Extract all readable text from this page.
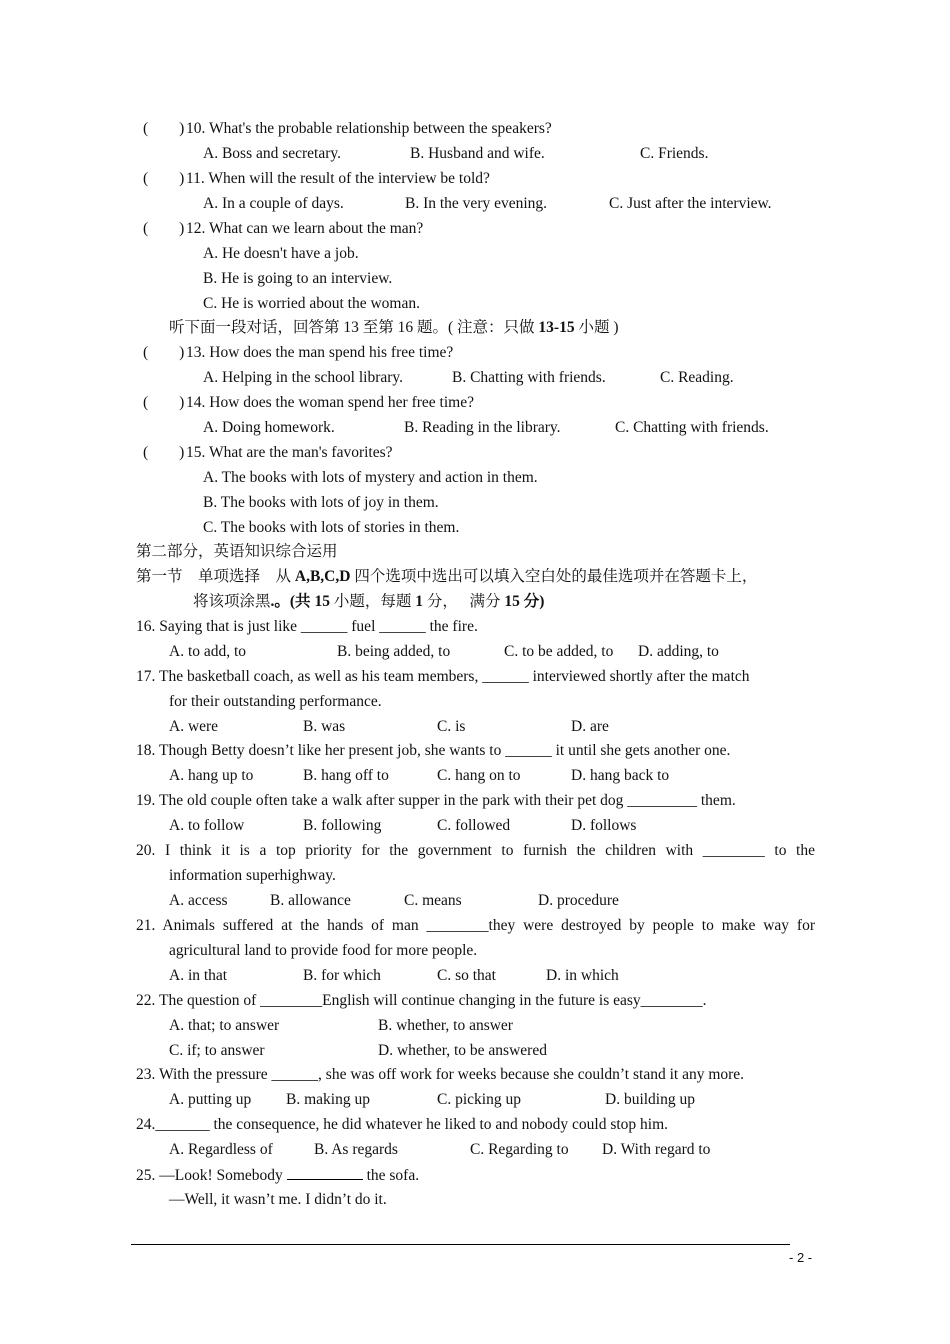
(        ) 10. What's the probable relationship between the speakers?
A. Boss and secretary.	B. Husband and wife.	C. Friends.
(        ) 11. When will the result of the interview be told?
A. In a couple of days.	B. In the very evening.	C. Just after the interview.
(        ) 12. What can we learn about the man?
A. He doesn't have a job.
B. He is going to an interview.
C. He is worried about the woman.
听下面一段对话，回答第 13 至第 16 题。( 注意：只做 13-15 小题 )
(        ) 13. How does the man spend his free time?
A. Helping in the school library.	B. Chatting with friends.	C. Reading.
(        ) 14. How does the woman spend her free time?
A. Doing homework.	B. Reading in the library.	C. Chatting with friends.
(        ) 15. What are the man's favorites?
A. The books with lots of mystery and action in them.
B. The books with lots of joy in them.
C. The books with lots of stories in them.
第二部分，英语知识综合运用
第一节    单项选择    从 A,B,C,D 四个选项中选出可以填入空白处的最佳选项并在答题卡上，
将该项涂黑.。(共 15 小题，每题 1 分，   满分 15 分)
16. Saying that is just like ______ fuel ______ the fire.
A. to add, to	B. being added, to	C. to be added, to D. adding, to
17. The basketball coach, as well as his team members, ______ interviewed shortly after the match
for their outstanding performance.
A. were	B. was	C. is	D. are
18. Though Betty doesn’t like her present job, she wants to ______ it until she gets another one.
A. hang up to	B. hang off to	C. hang on to	D. hang back to
19. The old couple often take a walk after supper in the park with their pet dog _________ them.
A. to follow	B. following	C. followed	D. follows
20. I think it is a top priority for the government to furnish the children with ________ to the
information superhighway.
A. access	B. allowance	C. means	D. procedure
21. Animals suffered at the hands of man ________they were destroyed by people to make way for
agricultural land to provide food for more people.
A. in that	B. for which	C. so that	D. in which
22. The question of ________English will continue changing in the future is easy________.
A. that; to answer	B. whether, to answer
C. if; to answer	D. whether, to be answered
23. With the pressure ______, she was off work for weeks because she couldn’t stand it any more.
A. putting up B. making up	C. picking up	D. building up
24._______ the consequence, he did whatever he liked to and nobody could stop him.
A. Regardless of	B. As regards	C. Regarding to D. With regard to
25. —Look! Somebody	the sofa.
—Well, it wasn’t me. I didn’t do it.
- 2 -
